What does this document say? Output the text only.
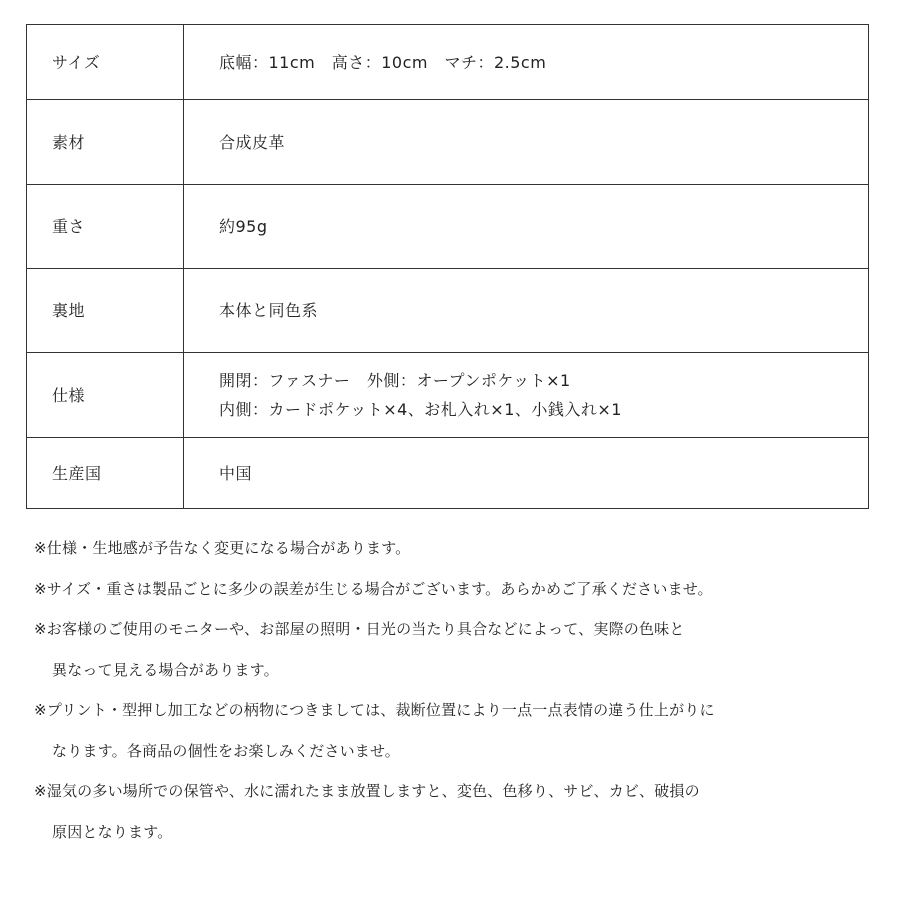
サイズ	底幅：11cm　高さ：10cm　マチ：2.5cm

素材	合成皮革

重さ	約95g

裏地	本体と同色系

仕様	開閉：ファスナー　外側：オープンポケット×1
内側：カードポケット×4、お札入れ×1、小銭入れ×1

生産国	中国
※仕様・生地感が予告なく変更になる場合があります。
※サイズ・重さは製品ごとに多少の誤差が生じる場合がございます。あらかめご了承くださいませ。
※お客様のご使用のモニターや、お部屋の照明・日光の当たり具合などによって、実際の色味と
異なって見える場合があります。
※プリント・型押し加工などの柄物につきましては、裁断位置により一点一点表情の違う仕上がりに
なります。各商品の個性をお楽しみくださいませ。
※湿気の多い場所での保管や、水に濡れたまま放置しますと、変色、色移り、サビ、カビ、破損の
原因となります。
